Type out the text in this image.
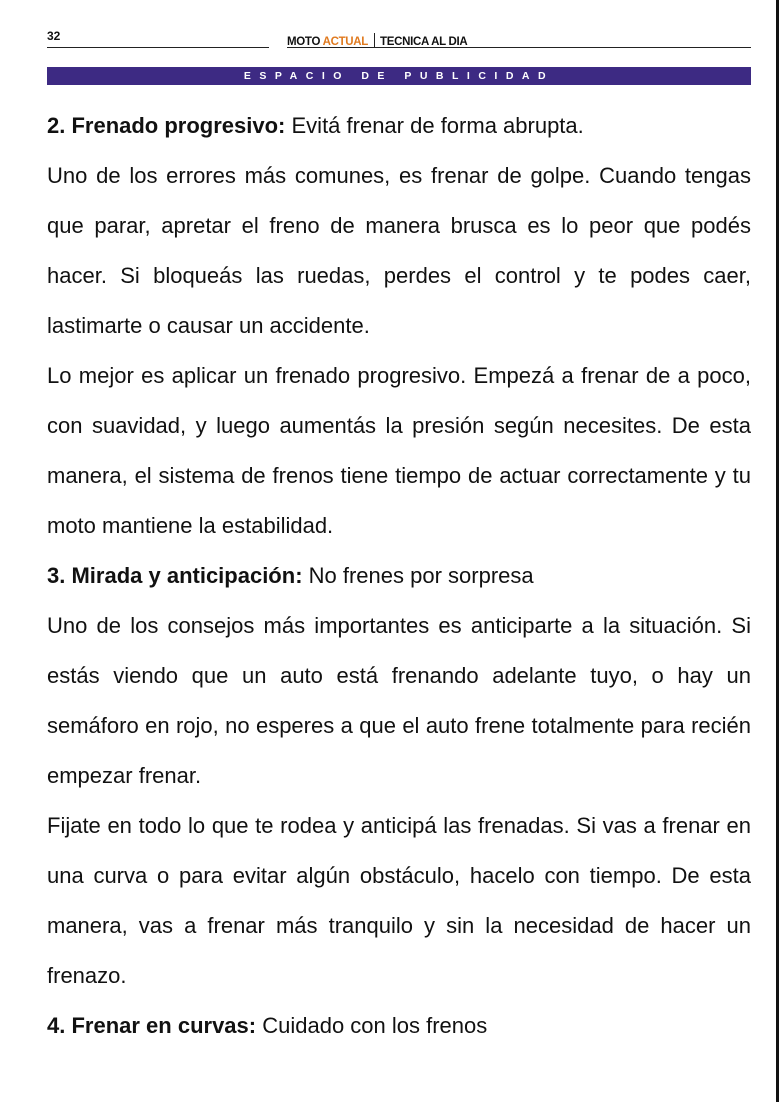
32	MOTO ACTUAL TECNICA AL DIA
ESPACIO DE PUBLICIDAD

2. Frenado progresivo: Evitá frenar de forma abrupta.

Uno de los errores más comunes, es frenar de golpe. Cuando tengas que parar, apretar el freno de manera brusca es lo peor que podés hacer. Si bloqueás las ruedas, perdes el control y te podes caer, lastimarte o causar un accidente.

Lo mejor es aplicar un frenado progresivo. Empezá a frenar de a poco, con suavidad, y luego aumentás la presión según necesites. De esta manera, el sistema de frenos tiene tiempo de actuar correctamente y tu moto mantiene la estabilidad.

3. Mirada y anticipación: No frenes por sorpresa

Uno de los consejos más importantes es anticiparte a la situación. Si estás viendo que un auto está frenando adelante tuyo, o hay un semáforo en rojo, no esperes a que el auto frene totalmente para recién empezar frenar.

Fijate en todo lo que te rodea y anticipá las frenadas. Si vas a frenar en una curva o para evitar algún obstáculo, hacelo con tiempo. De esta manera, vas a frenar más tranquilo y sin la necesidad de hacer un frenazo.

4. Frenar en curvas: Cuidado con los frenos
